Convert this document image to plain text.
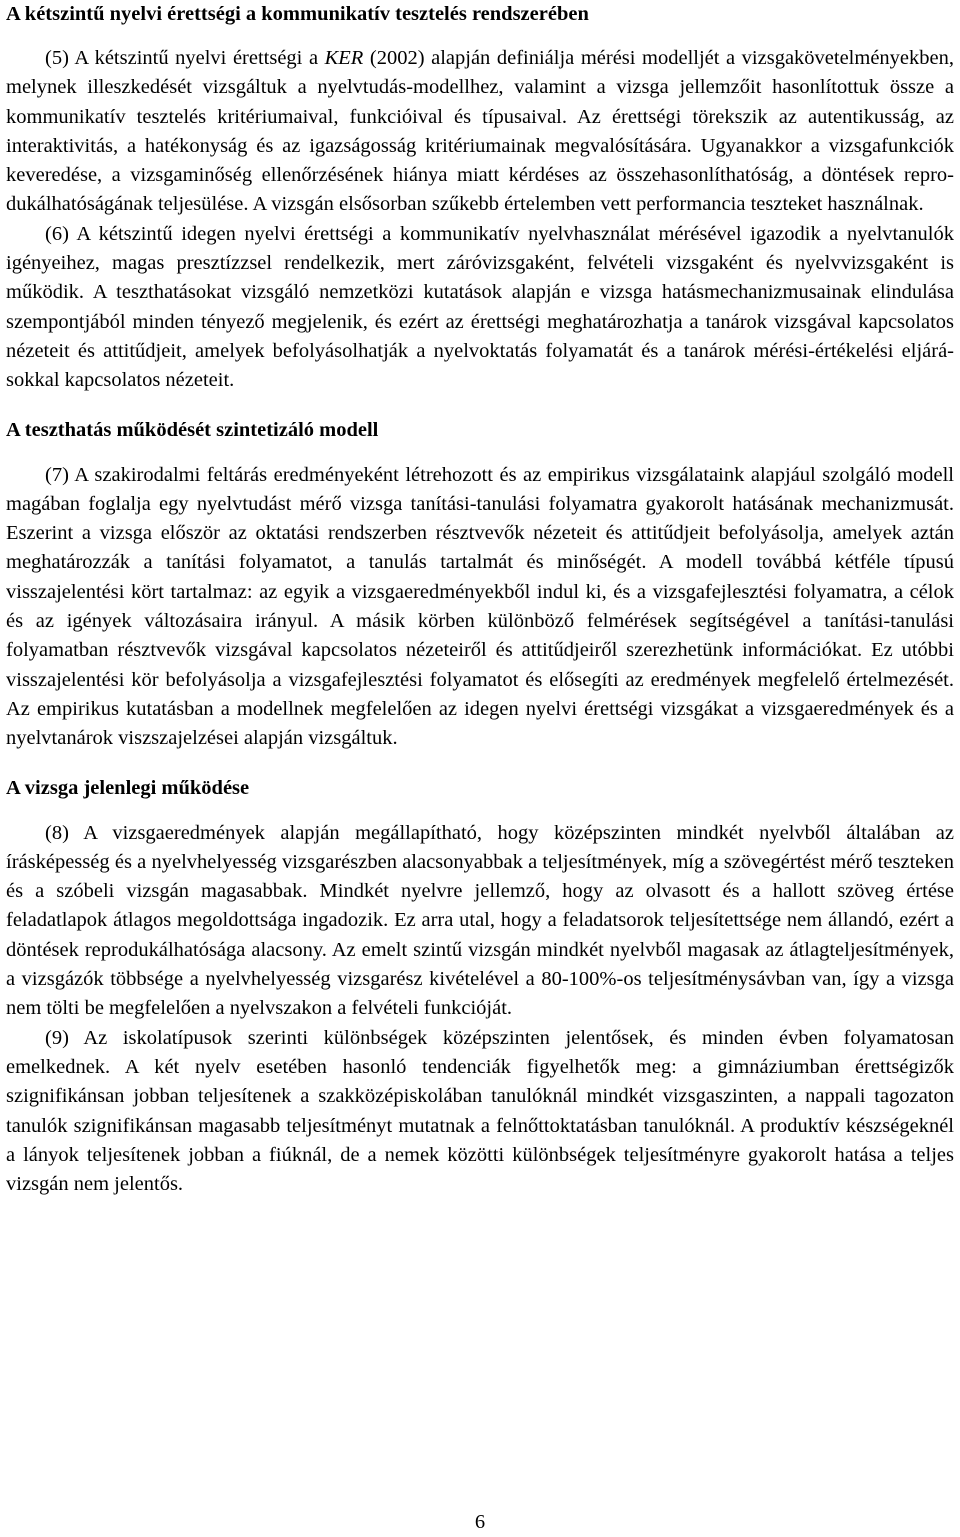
A kétszintű nyelvi érettségi a kommunikatív tesztelés rendszerében

(5) A kétszintű nyelvi érettségi a KER (2002) alapján definiálja mérési modelljét a vizsgakövetelményekben, melynek illeszkedését vizsgáltuk a nyelvtudás-modellhez, valamint a vizsga jellemzőit hasonlítottuk össze a kommunikatív tesztelés kritériumaival, funkcióival és típusaival. Az érettségi törekszik az autentikusság, az interaktivitás, a hatékonyság és az igazságosság kritériumainak megvalósítására. Ugyanakkor a vizsgafunkciók keveredése, a vizsgaminőség ellenőrzésének hiánya miatt kérdéses az összehasonlíthatóság, a döntések reprodukálhatóságának teljesülése. A vizsgán elsősorban szűkebb értelemben vett performancia teszteket használnak.

(6) A kétszintű idegen nyelvi érettségi a kommunikatív nyelvhasználat mérésével igazodik a nyelvtanulók igényeihez, magas presztízzsel rendelkezik, mert záróvizsgaként, felvételi vizsgaként és nyelvvizsgaként is működik. A teszthatásokat vizsgáló nemzetközi kutatások alapján e vizsga hatásmechanizmusainak elindulása szempontjából minden tényező megjelenik, és ezért az érettségi meghatározhatja a tanárok vizsgával kapcsolatos nézeteit és attitűdjeit, amelyek befolyásolhatják a nyelvoktatás folyamatát és a tanárok mérési-értékelési eljárásokkal kapcsolatos nézeteit.

A teszthatás működését szintetizáló modell

(7) A szakirodalmi feltárás eredményeként létrehozott és az empirikus vizsgálataink alapjául szolgáló modell magában foglalja egy nyelvtudást mérő vizsga tanítási-tanulási folyamatra gyakorolt hatásának mechanizmusát. Eszerint a vizsga először az oktatási rendszerben résztvevők nézeteit és attitűdjeit befolyásolja, amelyek aztán meghatározzák a tanítási folyamatot, a tanulás tartalmát és minőségét. A modell továbbá kétféle típusú visszajelentési kört tartalmaz: az egyik a vizsgaeredményekből indul ki, és a vizsgafejlesztési folyamatra, a célok és az igények változásaira irányul. A másik körben különböző felmérések segítségével a tanítási-tanulási folyamatban résztvevők vizsgával kapcsolatos nézeteiről és attitűdjeiről szerezhetünk információkat. Ez utóbbi visszajelentési kör befolyásolja a vizsgafejlesztési folyamatot és elősegíti az eredmények megfelelő értelmezését. Az empirikus kutatásban a modellnek megfelelően az idegen nyelvi érettségi vizsgákat a vizsgaeredmények és a nyelvtanárok viszszajelzései alapján vizsgáltuk.

A vizsga jelenlegi működése

(8) A vizsgaeredmények alapján megállapítható, hogy középszinten mindkét nyelvből általában az írásképesség és a nyelvhelyesség vizsgarészben alacsonyabbak a teljesítmények, míg a szövegértést mérő teszteken és a szóbeli vizsgán magasabbak. Mindkét nyelvre jellemző, hogy az olvasott és a hallott szöveg értése feladatlapok átlagos megoldottsága ingadozik. Ez arra utal, hogy a feladatsorok teljesítettsége nem állandó, ezért a döntések reprodukálhatósága alacsony. Az emelt szintű vizsgán mindkét nyelvből magasak az átlagteljesítmények, a vizsgázók többsége a nyelvhelyesség vizsgarész kivételével a 80-100%-os teljesítménysávban van, így a vizsga nem tölti be megfelelően a nyelvszakon a felvételi funkcióját.

(9) Az iskolatípusok szerinti különbségek középszinten jelentősek, és minden évben folyamatosan emelkednek. A két nyelv esetében hasonló tendenciák figyelhetők meg: a gimnáziumban érettségizők szignifikánsan jobban teljesítenek a szakközépiskolában tanulóknál mindkét vizsgaszinten, a nappali tagozaton tanulók szignifikánsan magasabb teljesítményt mutatnak a felnőttoktatásban tanulóknál. A produktív készségeknél a lányok teljesítenek jobban a fiúknál, de a nemek közötti különbségek teljesítményre gyakorolt hatása a teljes vizsgán nem jelentős.

6
